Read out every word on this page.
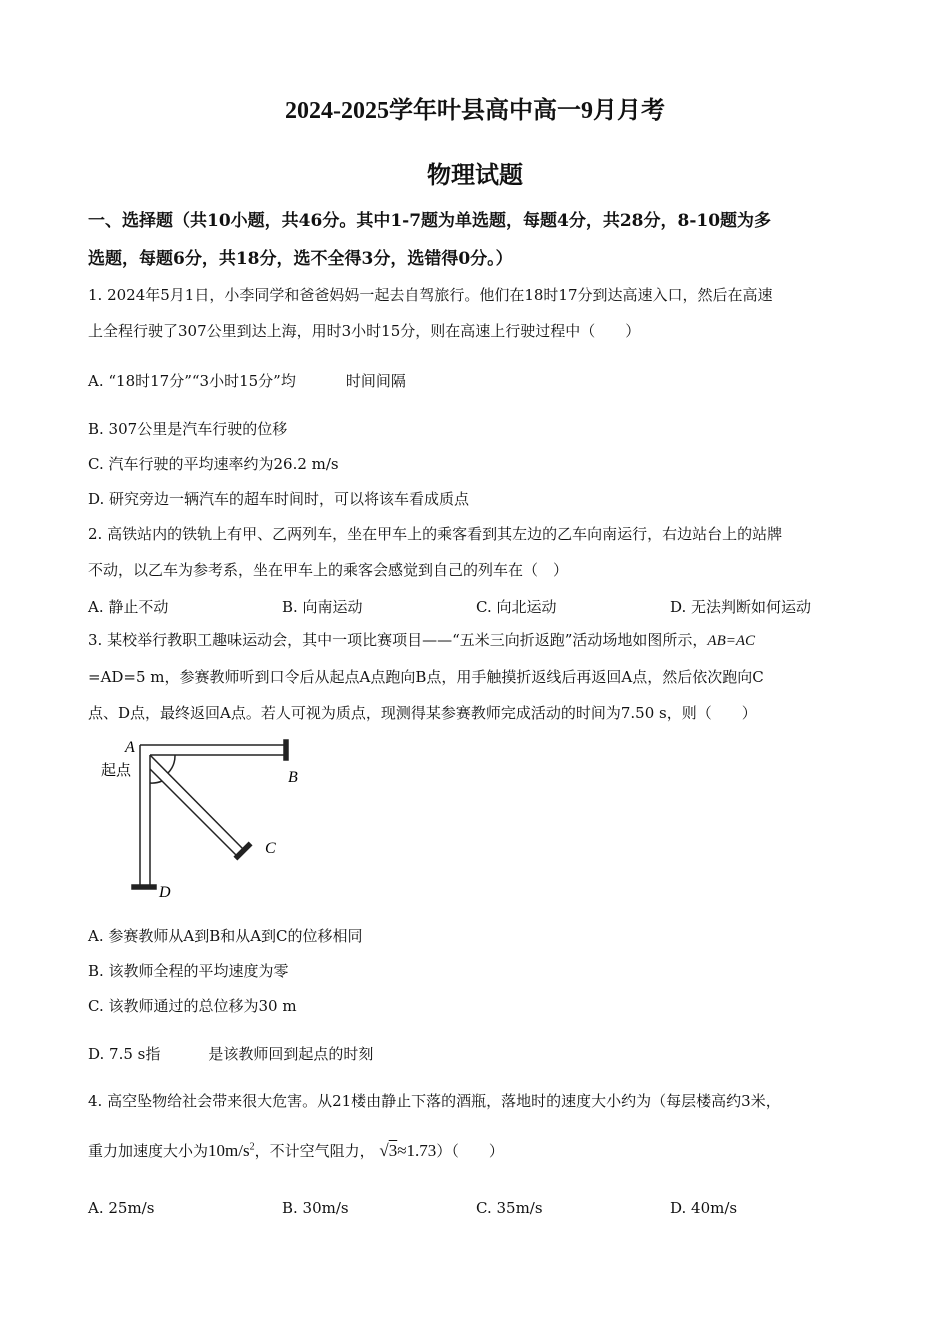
2024-2025学年叶县高中高一9月月考
物理试题
一、选择题（共10小题，共46分。其中1-7题为单选题，每题4分，共28分，8-10题为多
选题，每题6分，共18分，选不全得3分，选错得0分。）
1. 2024年5月1日，小李同学和爸爸妈妈一起去自驾旅行。他们在18时17分到达高速入口，然后在高速
上全程行驶了307公里到达上海，用时3小时15分，则在高速上行驶过程中（　　）
A. “18时17分”“3小时15分”均	时间间隔
B. 307公里是汽车行驶的位移
C. 汽车行驶的平均速率约为26.2 m/s
D. 研究旁边一辆汽车的超车时间时，可以将该车看成质点
2. 高铁站内的铁轨上有甲、乙两列车，坐在甲车上的乘客看到其左边的乙车向南运行，右边站台上的站牌
不动，以乙车为参考系，坐在甲车上的乘客会感觉到自己的列车在（　）
A. 静止不动	B. 向南运动	C. 向北运动	D. 无法判断如何运动
3. 某校举行教职工趣味运动会，其中一项比赛项目——“五米三向折返跑”活动场地如图所示，AB=AC
=AD=5 m，参赛教师听到口令后从起点A点跑向B点，用手触摸折返线后再返回A点，然后依次跑向C
点、D点，最终返回A点。若人可视为质点，现测得某参赛教师完成活动的时间为7.50 s，则（　　）
A
起点	B
C
D
A. 参赛教师从A到B和从A到C的位移相同
B. 该教师全程的平均速度为零
C. 该教师通过的总位移为30 m
D. 7.5 s指	是该教师回到起点的时刻
4. 高空坠物给社会带来很大危害。从21楼由静止下落的酒瓶，落地时的速度大小约为（每层楼高约3米，
重力加速度大小为$10m/s^2$，不计空气阻力， √3≈1.73）（　　）
A. 25m/s	B. 30m/s	C. 35m/s	D. 40m/s
